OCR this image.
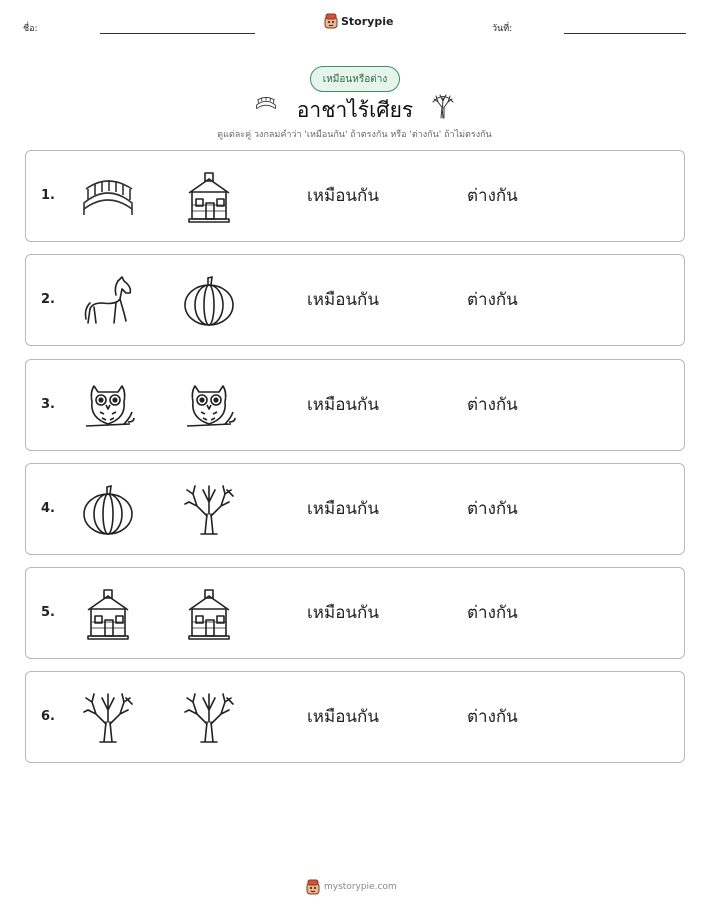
ชื่อ:
Storypie
วันที่:
เหมือนหรือต่าง
อาชาไร้เศียร
ดูแต่ละคู่ วงกลมคำว่า 'เหมือนกัน' ถ้าตรงกัน หรือ 'ต่างกัน' ถ้าไม่ตรงกัน
1.	เหมือนกัน	ต่างกัน
2.	เหมือนกัน	ต่างกัน
3.	เหมือนกัน	ต่างกัน
4.	เหมือนกัน	ต่างกัน
5.	เหมือนกัน	ต่างกัน
6.	เหมือนกัน	ต่างกัน
mystorypie.com
